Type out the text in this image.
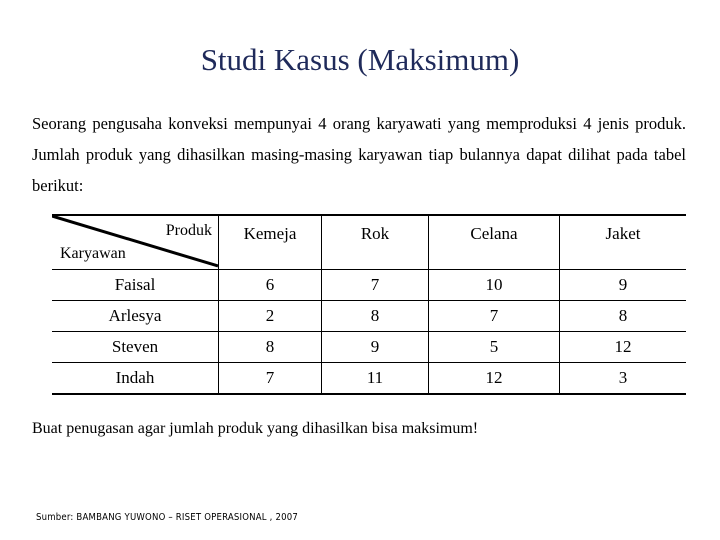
Studi Kasus (Maksimum)
Seorang pengusaha konveksi mempunyai 4 orang karyawati yang memproduksi 4 jenis produk. Jumlah produk yang dihasilkan masing-masing karyawan tiap bulannya dapat dilihat pada tabel berikut:
Produk
Karyawan	Kemeja	Rok	Celana	Jaket
Faisal	6	7	10	9
Arlesya	2	8	7	8
Steven	8	9	5	12
Indah	7	11	12	3
Buat penugasan agar jumlah produk yang dihasilkan bisa maksimum!
Sumber: BAMBANG YUWONO – RISET OPERASIONAL , 2007
